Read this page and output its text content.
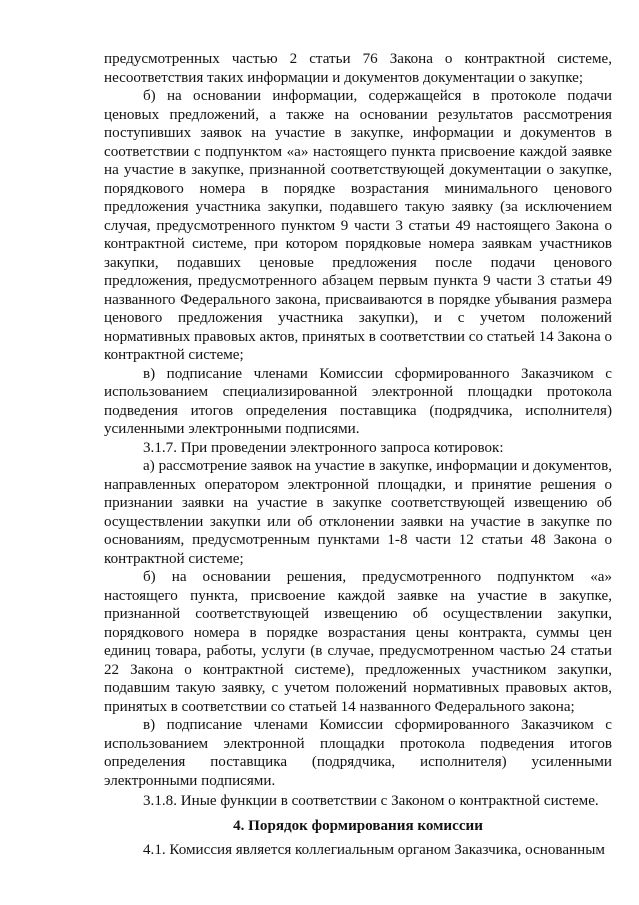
предусмотренных частью 2 статьи 76 Закона о контрактной системе, несоответствия таких информации и документов документации о закупке;

б) на основании информации, содержащейся в протоколе подачи ценовых предложений, а также на основании результатов рассмотрения поступивших заявок на участие в закупке, информации и документов в соответствии с подпунктом «а» настоящего пункта присвоение каждой заявке на участие в закупке, признанной соответствующей документации о закупке, порядкового номера в порядке возрастания минимального ценового предложения участника закупки, подавшего такую заявку (за исключением случая, предусмотренного пунктом 9 части 3 статьи 49 настоящего Закона о контрактной системе, при котором порядковые номера заявкам участников закупки, подавших ценовые предложения после подачи ценового предложения, предусмотренного абзацем первым пункта 9 части 3 статьи 49 названного Федерального закона, присваиваются в порядке убывания размера ценового предложения участника закупки), и с учетом положений нормативных правовых актов, принятых в соответствии со статьей 14 Закона о контрактной системе;

в) подписание членами Комиссии сформированного Заказчиком с использованием специализированной электронной площадки протокола подведения итогов определения поставщика (подрядчика, исполнителя) усиленными электронными подписями.

3.1.7. При проведении электронного запроса котировок:

а) рассмотрение заявок на участие в закупке, информации и документов, направленных оператором электронной площадки, и принятие решения о признании заявки на участие в закупке соответствующей извещению об осуществлении закупки или об отклонении заявки на участие в закупке по основаниям, предусмотренным пунктами 1-8 части 12 статьи 48 Закона о контрактной системе;

б) на основании решения, предусмотренного подпунктом «а» настоящего пункта, присвоение каждой заявке на участие в закупке, признанной соответствующей извещению об осуществлении закупки, порядкового номера в порядке возрастания цены контракта, суммы цен единиц товара, работы, услуги (в случае, предусмотренном частью 24 статьи 22 Закона о контрактной системе), предложенных участником закупки, подавшим такую заявку, с учетом положений нормативных правовых актов, принятых в соответствии со статьей 14 названного Федерального закона;

в) подписание членами Комиссии сформированного Заказчиком с использованием электронной площадки протокола подведения итогов определения поставщика (подрядчика, исполнителя) усиленными электронными подписями.

3.1.8. Иные функции в соответствии с Законом о контрактной системе.

4. Порядок формирования комиссии

4.1. Комиссия является коллегиальным органом Заказчика, основанным
